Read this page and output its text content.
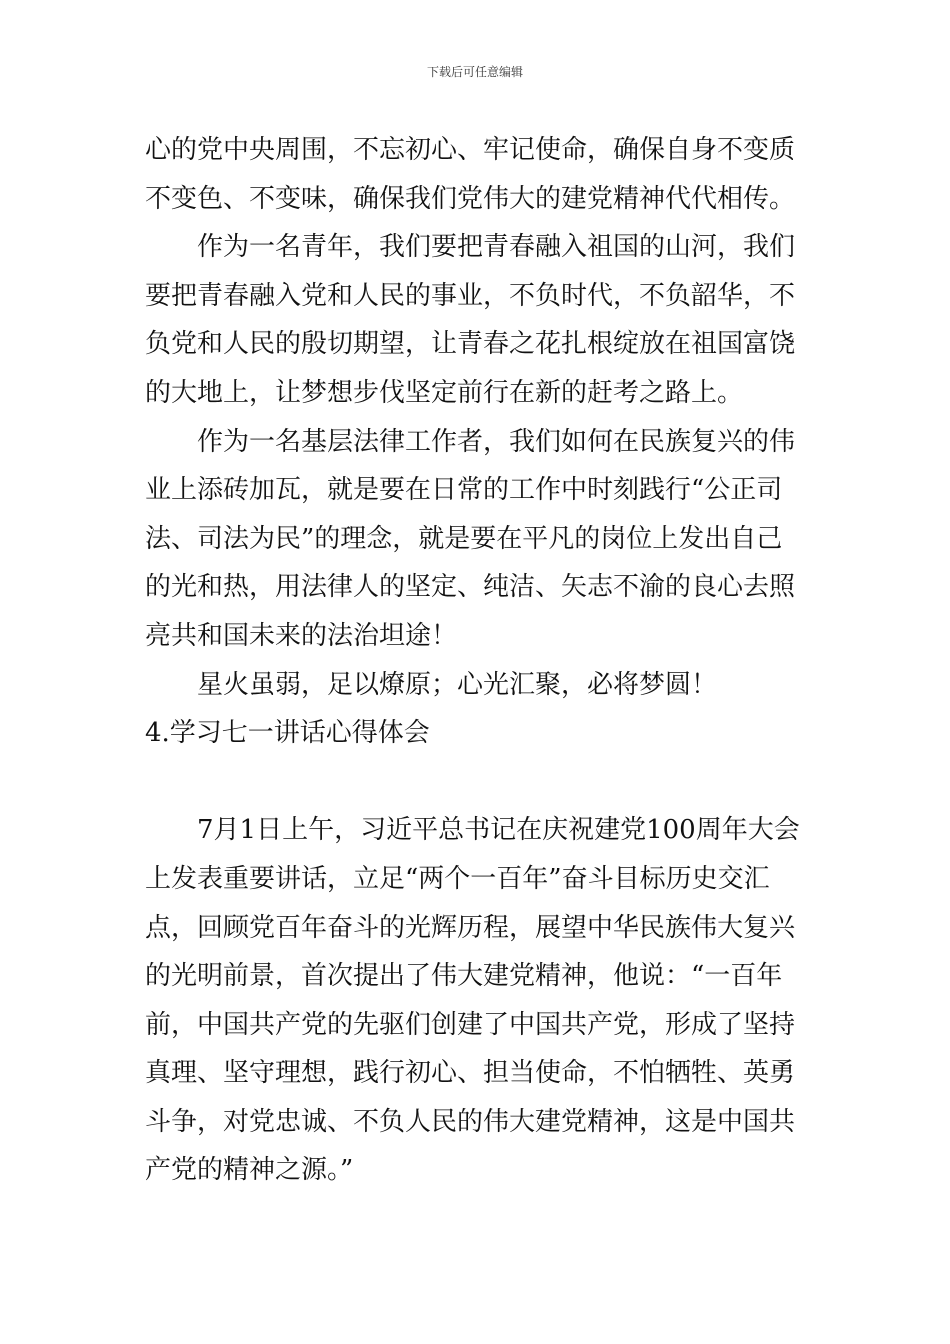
下载后可任意编辑
心的党中央周围，不忘初心、牢记使命，确保自身不变质
不变色、不变味，确保我们党伟大的建党精神代代相传。
作为一名青年，我们要把青春融入祖国的山河，我们
要把青春融入党和人民的事业，不负时代，不负韶华，不
负党和人民的殷切期望，让青春之花扎根绽放在祖国富饶
的大地上，让梦想步伐坚定前行在新的赶考之路上。
作为一名基层法律工作者，我们如何在民族复兴的伟
业上添砖加瓦，就是要在日常的工作中时刻践行“公正司
法、司法为民”的理念，就是要在平凡的岗位上发出自己
的光和热，用法律人的坚定、纯洁、矢志不渝的良心去照
亮共和国未来的法治坦途！
星火虽弱，足以燎原；心光汇聚，必将梦圆！
4.学习七一讲话心得体会
7月1日上午，习近平总书记在庆祝建党100周年大会
上发表重要讲话，立足“两个一百年”奋斗目标历史交汇
点，回顾党百年奋斗的光辉历程，展望中华民族伟大复兴
的光明前景，首次提出了伟大建党精神，他说：“一百年
前，中国共产党的先驱们创建了中国共产党，形成了坚持
真理、坚守理想，践行初心、担当使命，不怕牺牲、英勇
斗争，对党忠诚、不负人民的伟大建党精神，这是中国共
产党的精神之源。”
